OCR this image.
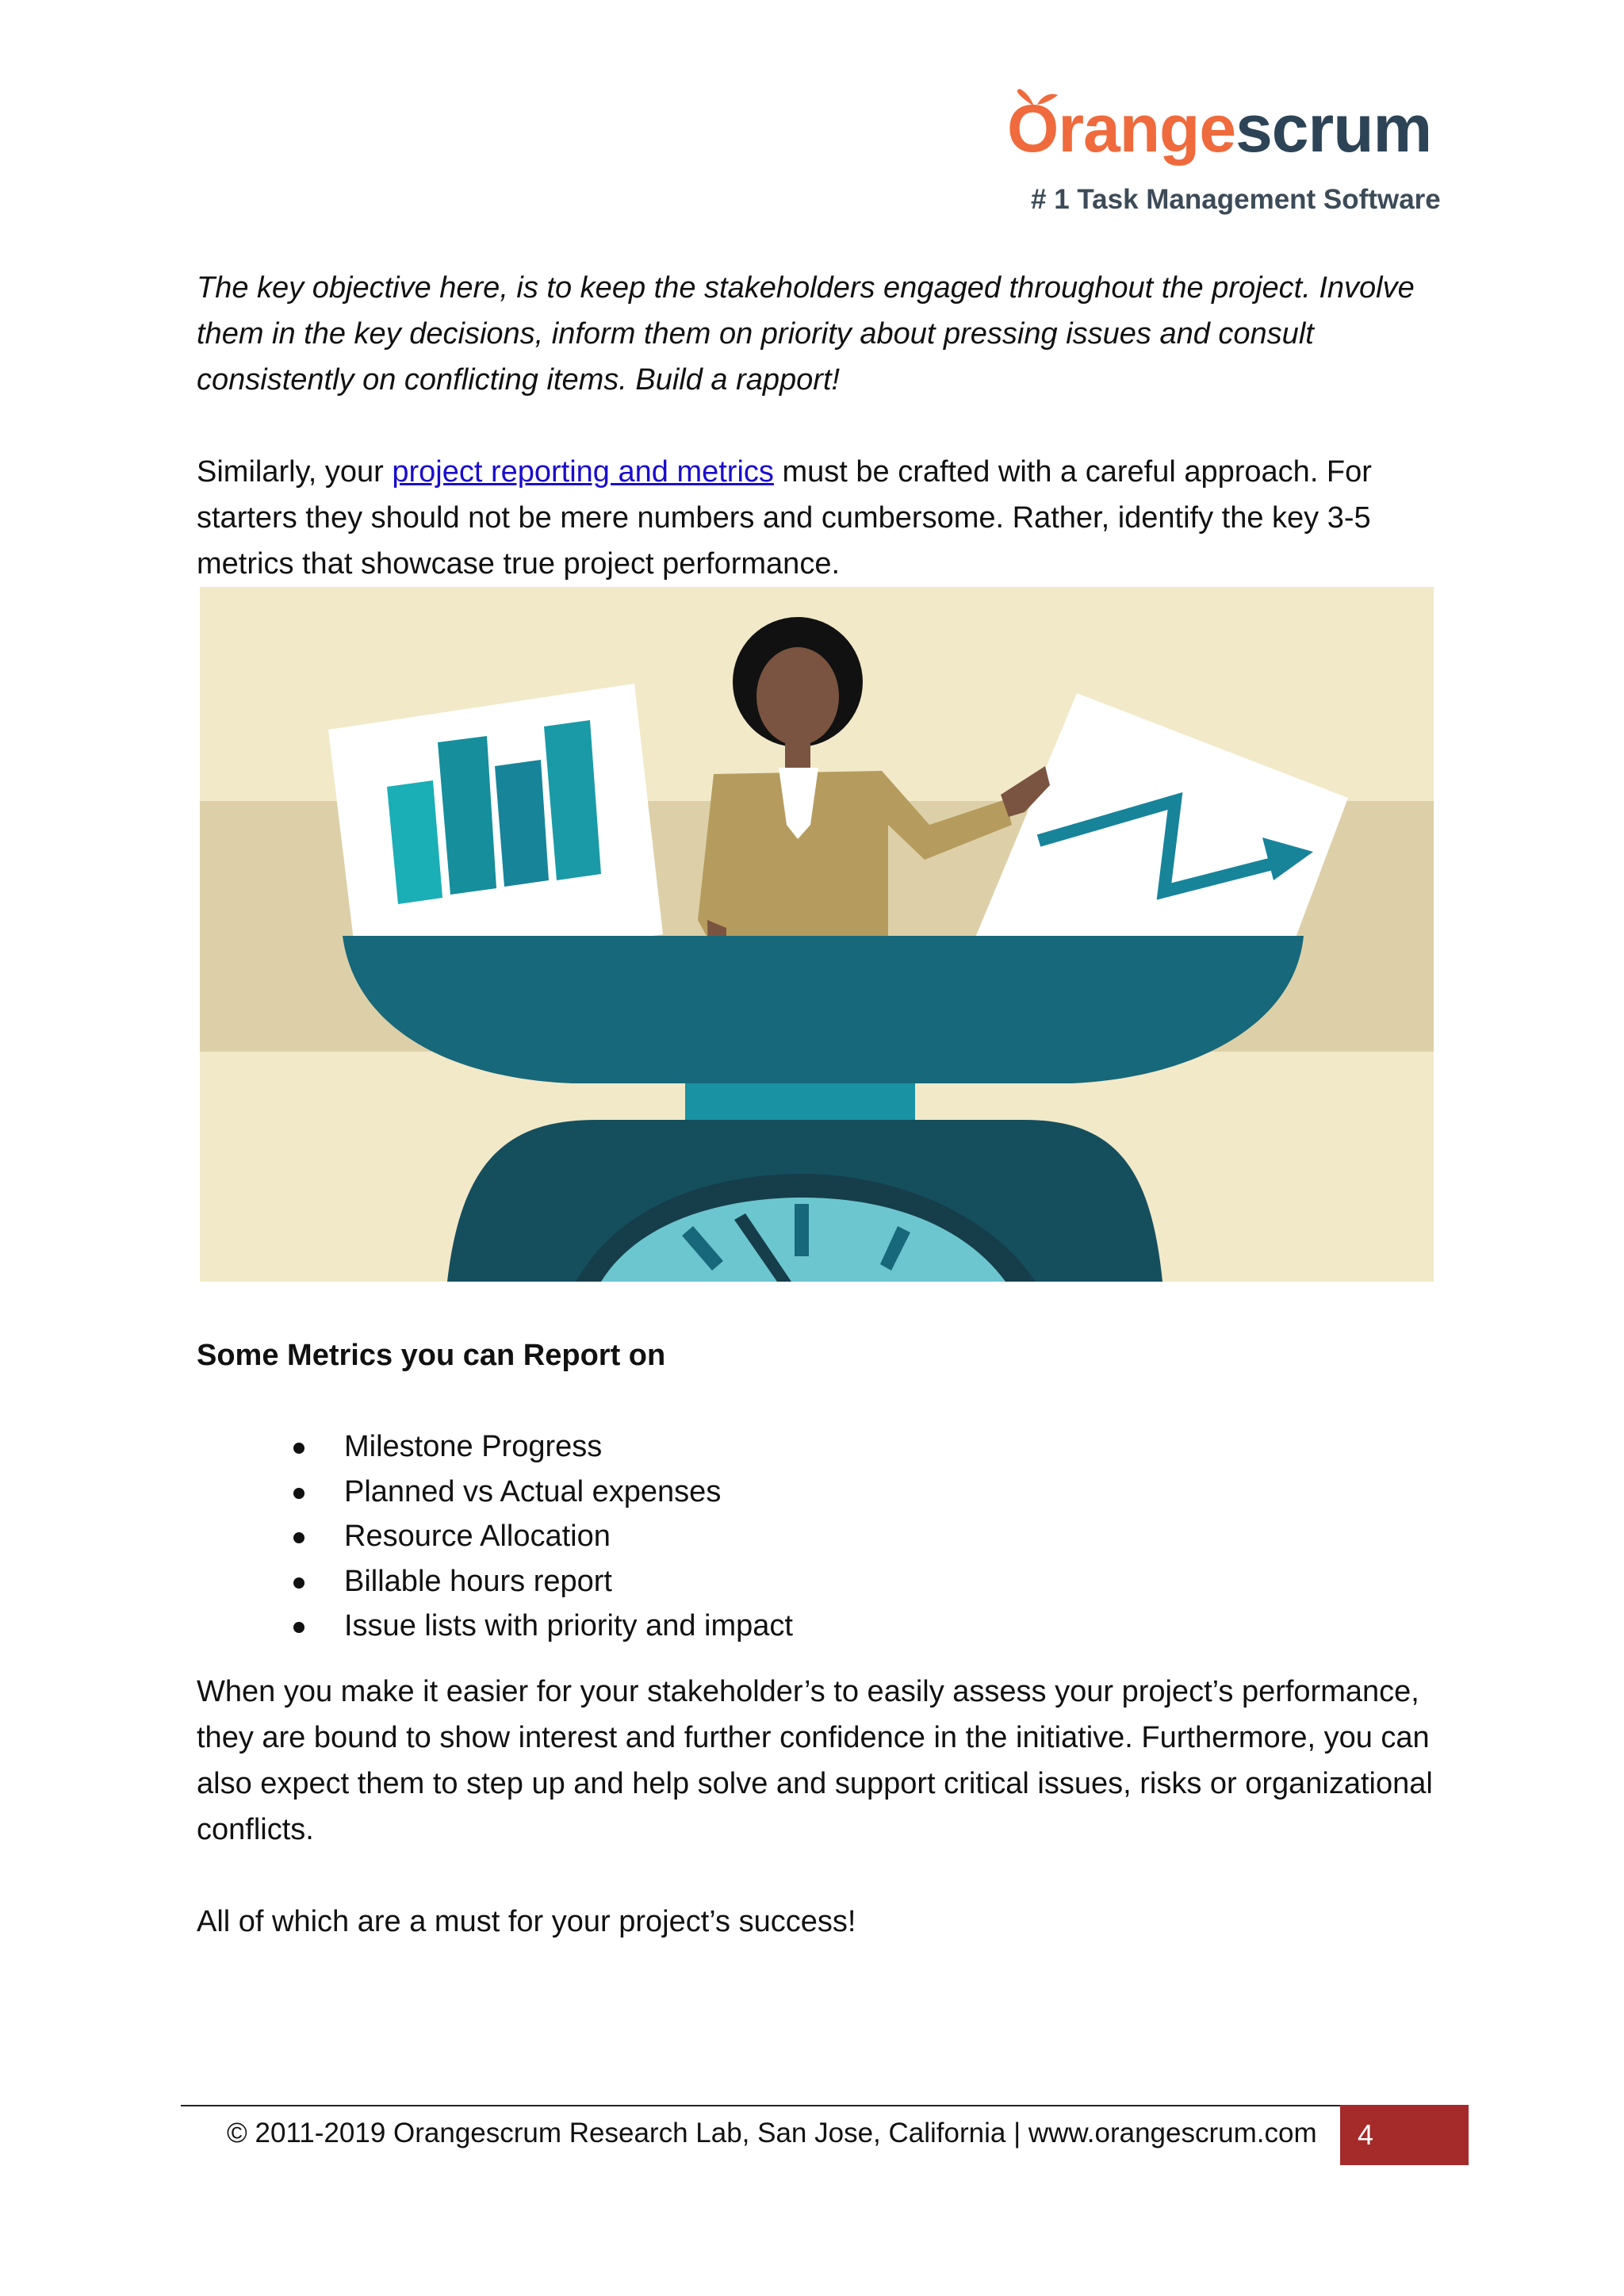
Orangescrum
# 1 Task Management Software

The key objective here, is to keep the stakeholders engaged throughout the project. Involve them in the key decisions, inform them on priority about pressing issues and consult consistently on conflicting items. Build a rapport!

Similarly, your project reporting and metrics must be crafted with a careful approach. For starters they should not be mere numbers and cumbersome. Rather, identify the key 3-5 metrics that showcase true project performance.

Some Metrics you can Report on
Milestone Progress
Planned vs Actual expenses
Resource Allocation
Billable hours report
Issue lists with priority and impact

When you make it easier for your stakeholder’s to easily assess your project’s performance, they are bound to show interest and further confidence in the initiative. Furthermore, you can also expect them to step up and help solve and support critical issues, risks or organizational conflicts.

All of which are a must for your project’s success!

© 2011-2019 Orangescrum Research Lab, San Jose, California | www.orangescrum.com	4
